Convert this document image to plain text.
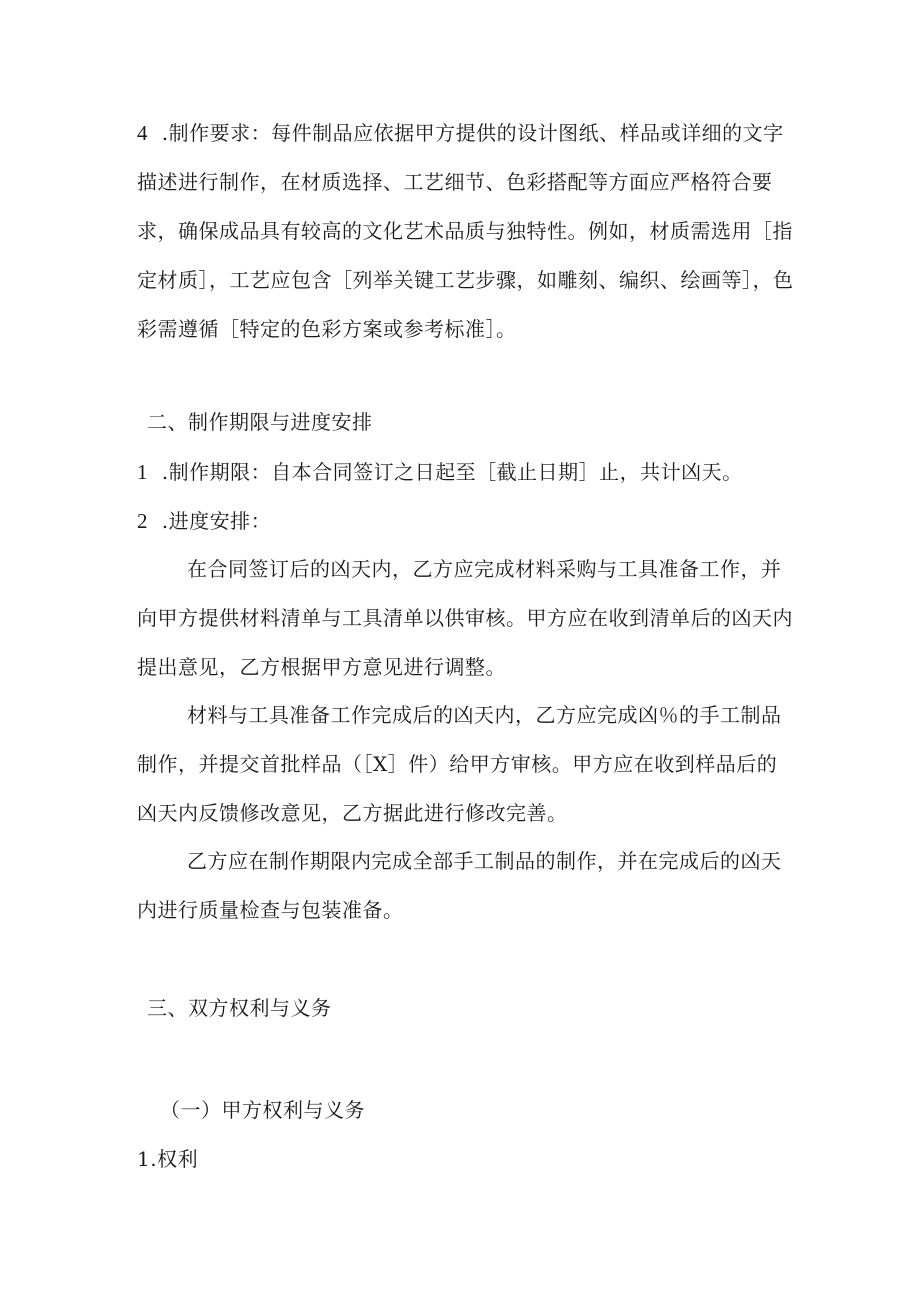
4 .制作要求：每件制品应依据甲方提供的设计图纸、样品或详细的文字
描述进行制作，在材质选择、工艺细节、色彩搭配等方面应严格符合要
求，确保成品具有较高的文化艺术品质与独特性。例如，材质需选用［指
定材质］，工艺应包含［列举关键工艺步骤，如雕刻、编织、绘画等］，色
彩需遵循［特定的色彩方案或参考标准］。
二、制作期限与进度安排
1 .制作期限：自本合同签订之日起至［截止日期］止，共计凶天。
2 .进度安排：
在合同签订后的凶天内，乙方应完成材料采购与工具准备工作，并
向甲方提供材料清单与工具清单以供审核。甲方应在收到清单后的凶天内
提出意见，乙方根据甲方意见进行调整。
材料与工具准备工作完成后的凶天内，乙方应完成凶％的手工制品
制作，并提交首批样品（［X］件）给甲方审核。甲方应在收到样品后的
凶天内反馈修改意见，乙方据此进行修改完善。
乙方应在制作期限内完成全部手工制品的制作，并在完成后的凶天
内进行质量检查与包装准备。
三、双方权利与义务
（一）甲方权利与义务
1.权利
